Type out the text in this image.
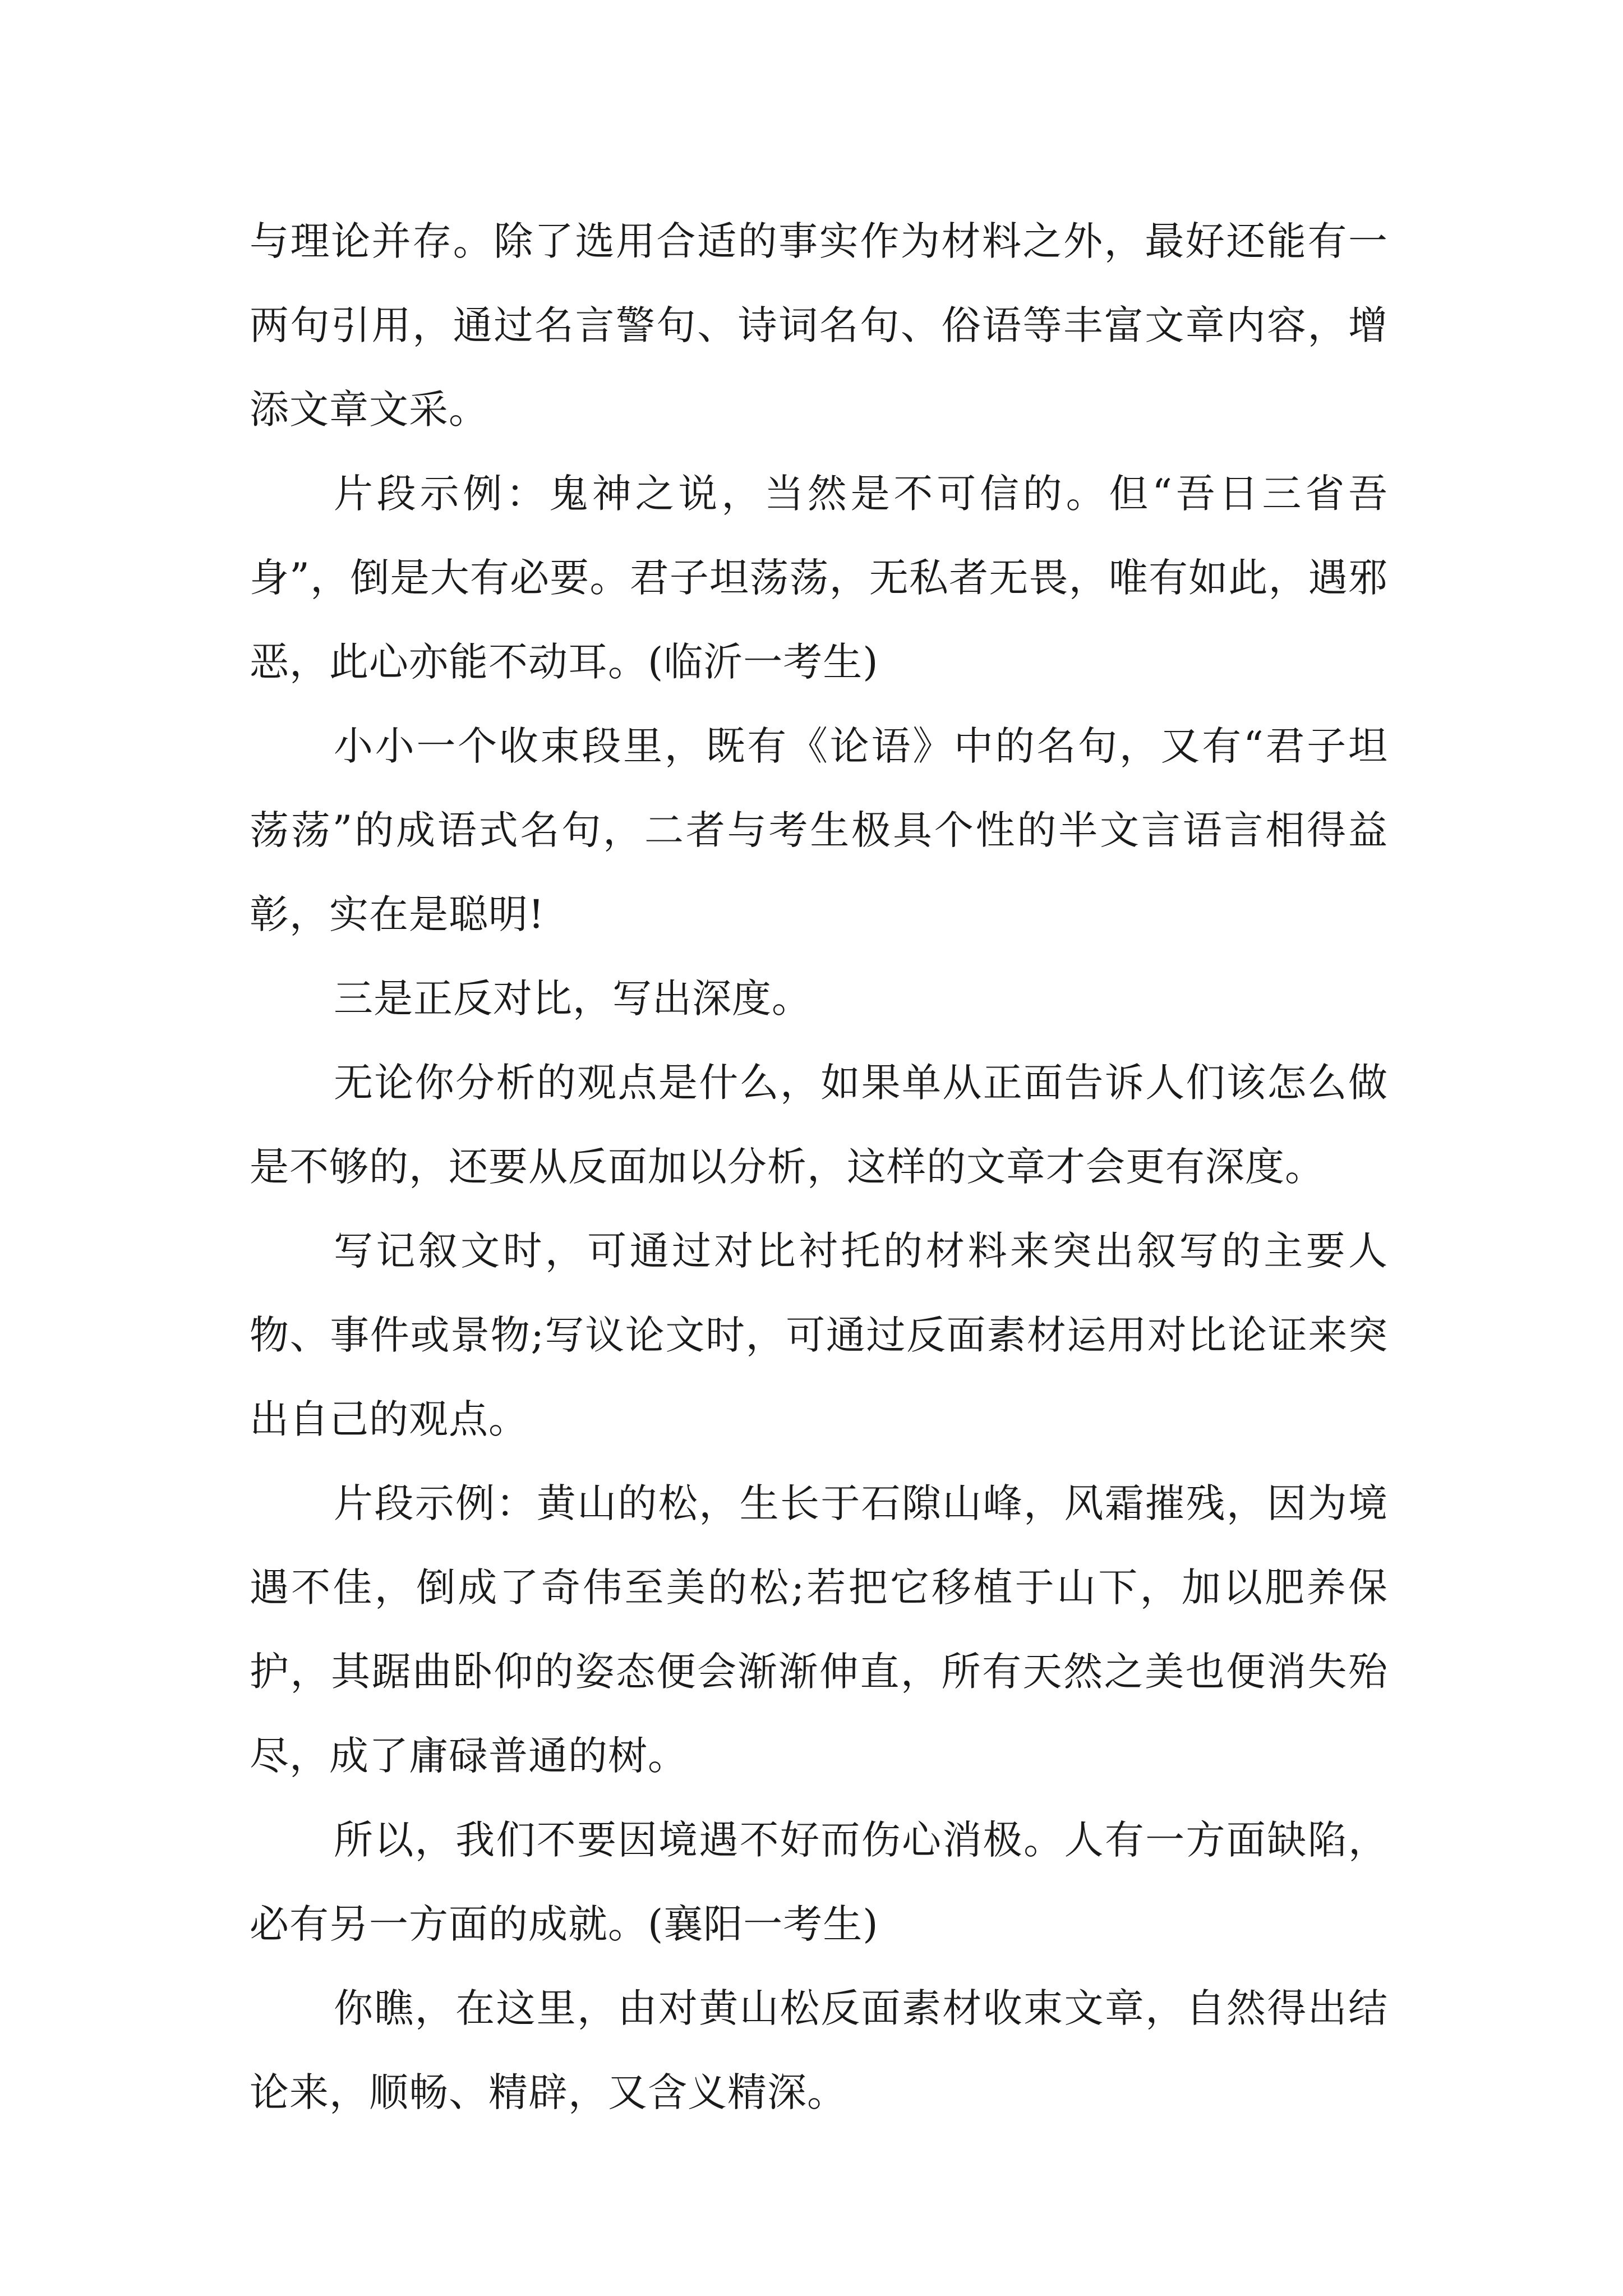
与理论并存。除了选用合适的事实作为材料之外，最好还能有一两句引用，通过名言警句、诗词名句、俗语等丰富文章内容，增添文章文采。

片段示例：鬼神之说，当然是不可信的。但“吾日三省吾身”，倒是大有必要。君子坦荡荡，无私者无畏，唯有如此，遇邪恶，此心亦能不动耳。(临沂一考生)

小小一个收束段里，既有《论语》中的名句，又有“君子坦荡荡”的成语式名句，二者与考生极具个性的半文言语言相得益彰，实在是聪明!

三是正反对比，写出深度。

无论你分析的观点是什么，如果单从正面告诉人们该怎么做是不够的，还要从反面加以分析，这样的文章才会更有深度。

写记叙文时，可通过对比衬托的材料来突出叙写的主要人物、事件或景物;写议论文时，可通过反面素材运用对比论证来突出自己的观点。

片段示例：黄山的松，生长于石隙山峰，风霜摧残，因为境遇不佳，倒成了奇伟至美的松;若把它移植于山下，加以肥养保护，其踞曲卧仰的姿态便会渐渐伸直，所有天然之美也便消失殆尽，成了庸碌普通的树。

所以，我们不要因境遇不好而伤心消极。人有一方面缺陷，必有另一方面的成就。(襄阳一考生)

你瞧，在这里，由对黄山松反面素材收束文章，自然得出结论来，顺畅、精辟，又含义精深。
